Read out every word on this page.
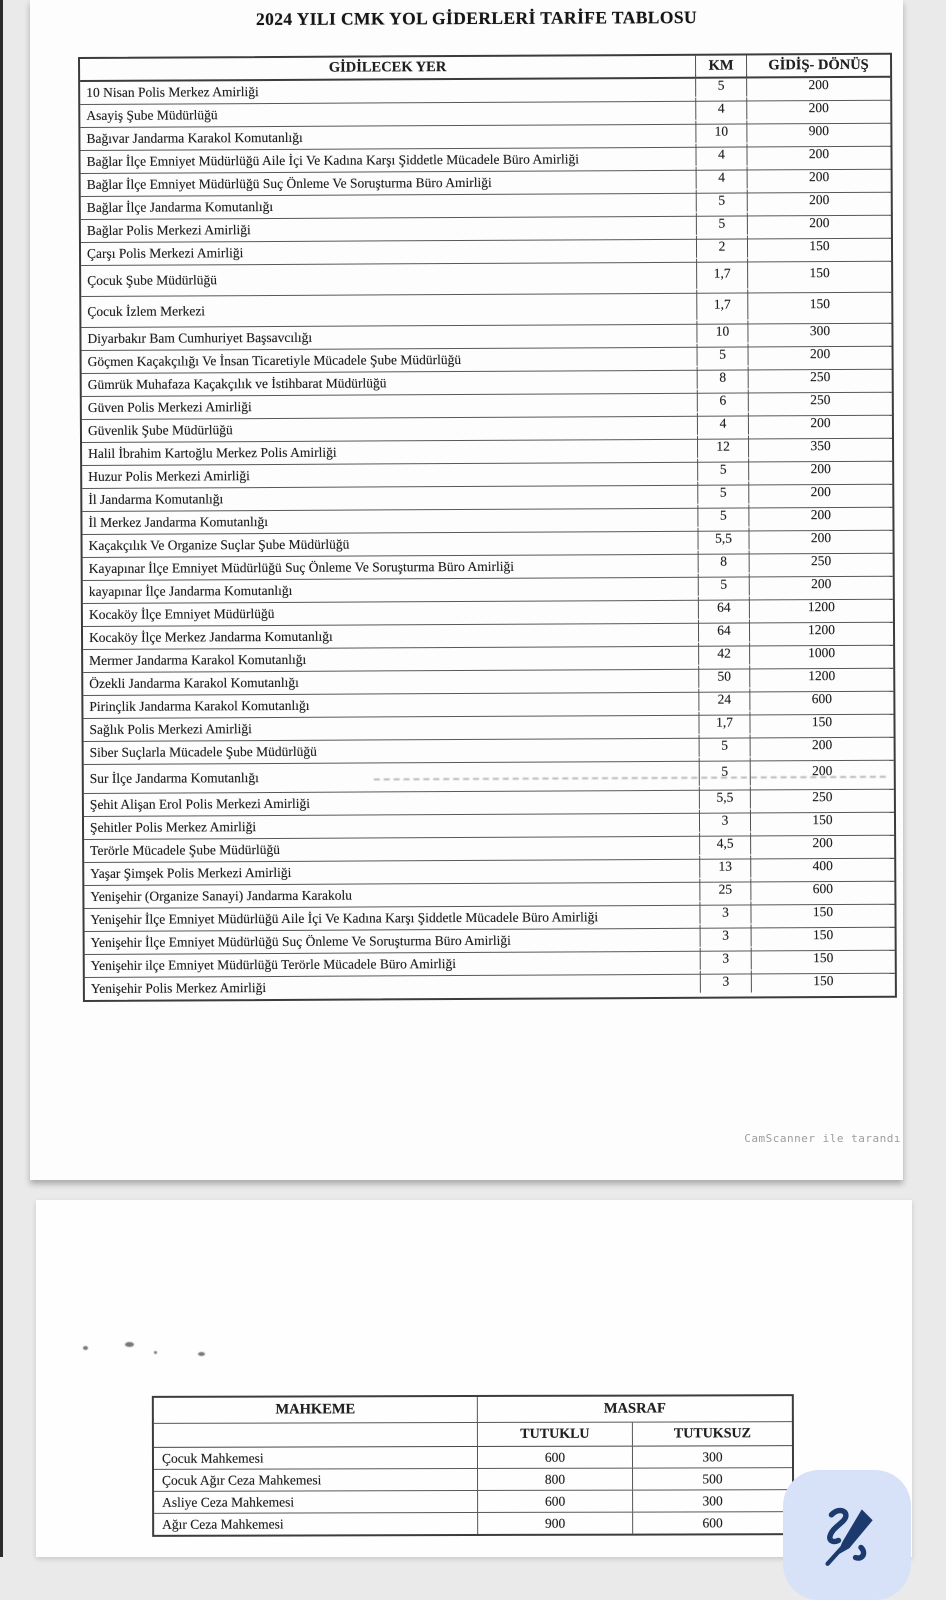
2024 YILI CMK YOL GİDERLERİ TARİFE TABLOSU
GİDİLECEK YER	KM	GİDİŞ- DÖNÜŞ
10 Nisan Polis Merkez Amirliği	5	200
Asayiş Şube Müdürlüğü	4	200
Bağıvar Jandarma Karakol Komutanlığı	10	900
Bağlar İlçe Emniyet Müdürlüğü Aile İçi Ve Kadına Karşı Şiddetle Mücadele Büro Amirliği	4	200
Bağlar İlçe Emniyet Müdürlüğü Suç Önleme Ve Soruşturma Büro Amirliği	4	200
Bağlar İlçe Jandarma Komutanlığı	5	200
Bağlar Polis Merkezi Amirliği	5	200
Çarşı Polis Merkezi Amirliği	2	150
Çocuk Şube Müdürlüğü	1,7	150
Çocuk İzlem Merkezi	1,7	150
Diyarbakır Bam Cumhuriyet Başsavcılığı	10	300
Göçmen Kaçakçılığı Ve İnsan Ticaretiyle Mücadele Şube Müdürlüğü	5	200
Gümrük Muhafaza Kaçakçılık ve İstihbarat Müdürlüğü	8	250
Güven Polis Merkezi Amirliği	6	250
Güvenlik Şube Müdürlüğü	4	200
Halil İbrahim Kartoğlu Merkez Polis Amirliği	12	350
Huzur Polis Merkezi Amirliği	5	200
İl Jandarma Komutanlığı	5	200
İl Merkez Jandarma Komutanlığı	5	200
Kaçakçılık Ve Organize Suçlar Şube Müdürlüğü	5,5	200
Kayapınar İlçe Emniyet Müdürlüğü Suç Önleme Ve Soruşturma Büro Amirliği	8	250
kayapınar İlçe Jandarma Komutanlığı	5	200
Kocaköy İlçe Emniyet Müdürlüğü	64	1200
Kocaköy İlçe Merkez Jandarma Komutanlığı	64	1200
Mermer Jandarma Karakol Komutanlığı	42	1000
Özekli Jandarma Karakol Komutanlığı	50	1200
Pirinçlik Jandarma Karakol Komutanlığı	24	600
Sağlık Polis Merkezi Amirliği	1,7	150
Siber Suçlarla Mücadele Şube Müdürlüğü	5	200
Sur İlçe Jandarma Komutanlığı	5	200
Şehit Alişan Erol Polis Merkezi Amirliği	5,5	250
Şehitler Polis Merkez Amirliği	3	150
Terörle Mücadele Şube Müdürlüğü	4,5	200
Yaşar Şimşek Polis Merkezi Amirliği	13	400
Yenişehir (Organize Sanayi) Jandarma Karakolu	25	600
Yenişehir İlçe Emniyet Müdürlüğü Aile İçi Ve Kadına Karşı Şiddetle Mücadele Büro Amirliği	3	150
Yenişehir İlçe Emniyet Müdürlüğü Suç Önleme Ve Soruşturma Büro Amirliği	3	150
Yenişehir ilçe Emniyet Müdürlüğü Terörle Mücadele Büro Amirliği	3	150
Yenişehir Polis Merkez Amirliği	3	150
CamScanner ile tarandı
MAHKEME	MASRAF
TUTUKLU	TUTUKSUZ
Çocuk Mahkemesi	600	300
Çocuk Ağır Ceza Mahkemesi	800	500
Asliye Ceza Mahkemesi	600	300
Ağır Ceza Mahkemesi	900	600
